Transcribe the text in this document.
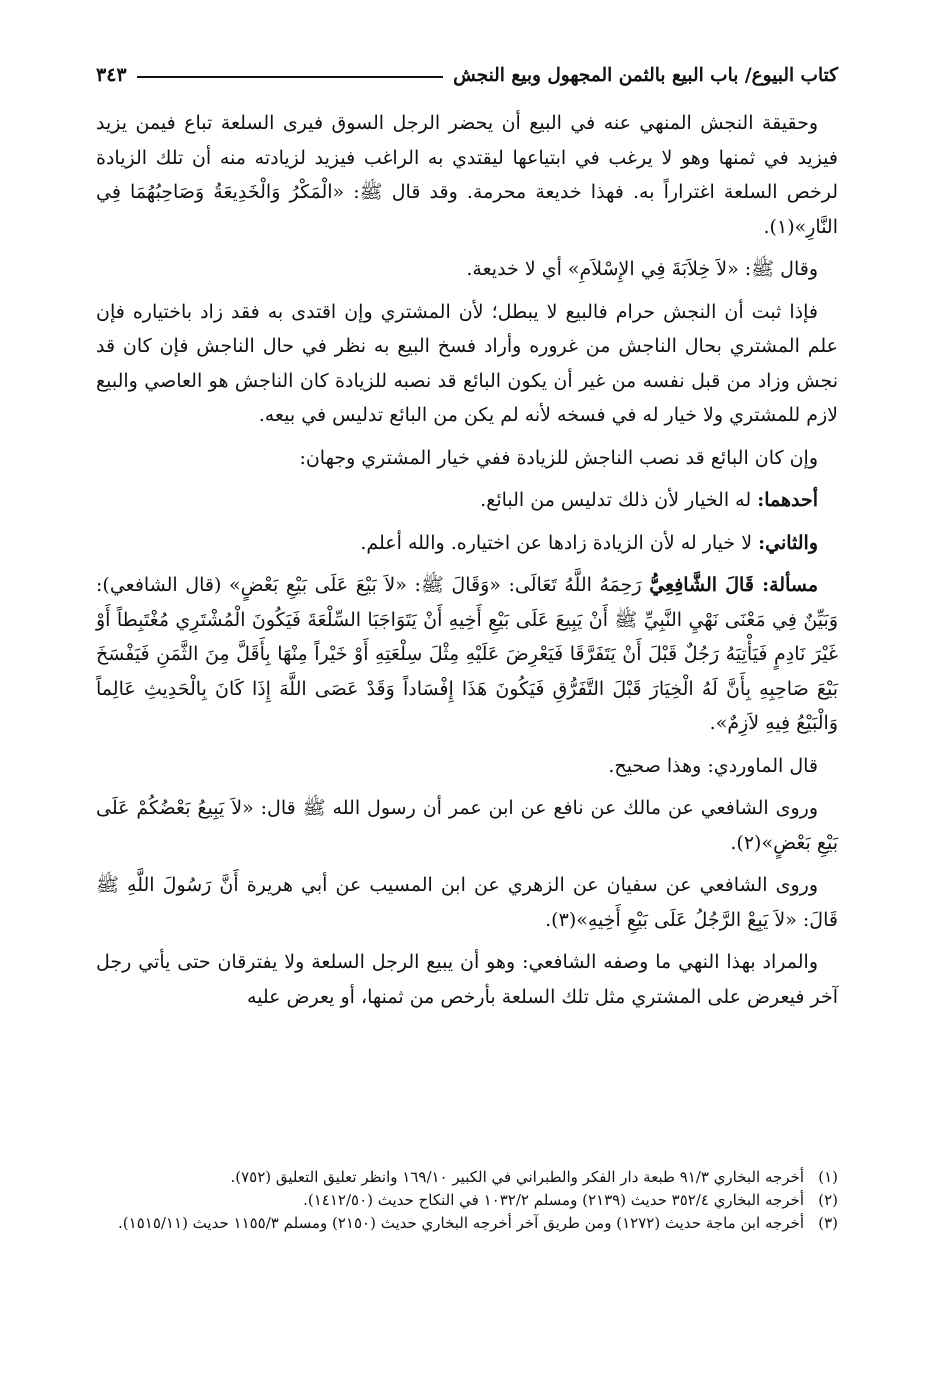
كتاب البيوع/ باب البيع بالثمن المجهول وبيع النجش
٣٤٣

وحقيقة النجش المنهي عنه في البيع أن يحضر الرجل السوق فيرى السلعة تباع فيمن يزيد فيزيد في ثمنها وهو لا يرغب في ابتياعها ليقتدي به الراغب فيزيد لزيادته منه أن تلك الزيادة لرخص السلعة اغتراراً به. فهذا خديعة محرمة. وقد قال ﷺ: «الْمَكْرُ وَالْخَدِيعَةُ وَصَاحِبُهُمَا فِي النَّارِ»(١).

وقال ﷺ: «لاَ خِلاَبَةَ فِي الإِسْلاَمِ» أي لا خديعة.

فإذا ثبت أن النجش حرام فالبيع لا يبطل؛ لأن المشتري وإن اقتدى به فقد زاد باختياره فإن علم المشتري بحال الناجش من غروره وأراد فسخ البيع به نظر في حال الناجش فإن كان قد نجش وزاد من قبل نفسه من غير أن يكون البائع قد نصبه للزيادة كان الناجش هو العاصي والبيع لازم للمشتري ولا خيار له في فسخه لأنه لم يكن من البائع تدليس في بيعه.

وإن كان البائع قد نصب الناجش للزيادة ففي خيار المشتري وجهان:

أحدهما: له الخيار لأن ذلك تدليس من البائع.

والثاني: لا خيار له لأن الزيادة زادها عن اختياره. والله أعلم.

مسألة: قَالَ الشَّافِعِيُّ رَحِمَهُ اللَّهُ تَعَالَى: «وَقَالَ ﷺ: «لاَ بَيْعَ عَلَى بَيْعِ بَعْضٍ» (قال الشافعي): وَبَيِّنٌ فِي مَعْنَى نَهْيِ النَّبِيِّ ﷺ أَنْ يَبِيعَ عَلَى بَيْعِ أَخِيهِ أَنْ يَتَوَاجَبَا السِّلْعَةَ فَيَكُونَ الْمُشْتَرِي مُغْتَبِطاً أَوْ غَيْرَ نَادِمٍ فَيَأْتِيَهُ رَجُلٌ قَبْلَ أَنْ يَتَفَرَّقَا فَيَعْرِضَ عَلَيْهِ مِثْلَ سِلْعَتِهِ أَوْ خَيْراً مِنْهَا بِأَقَلَّ مِنَ الثَّمَنِ فَيَفْسَخَ بَيْعَ صَاحِبِهِ بِأَنَّ لَهُ الْخِيَارَ قَبْلَ التَّفَرُّقِ فَيَكُونَ هَذَا إِفْسَاداً وَقَدْ عَصَى اللَّهَ إِذَا كَانَ بِالْحَدِيثِ عَالِماً وَالْبَيْعُ فِيهِ لاَزِمٌ».

قال الماوردي: وهذا صحيح.

وروى الشافعي عن مالك عن نافع عن ابن عمر أن رسول الله ﷺ قال: «لاَ يَبِيعُ بَعْضُكُمْ عَلَى بَيْعِ بَعْضٍ»(٢).

وروى الشافعي عن سفيان عن الزهري عن ابن المسيب عن أبي هريرة أَنَّ رَسُولَ اللَّهِ ﷺ قَالَ: «لاَ يَبِعْ الرَّجُلُ عَلَى بَيْعِ أَخِيهِ»(٣).

والمراد بهذا النهي ما وصفه الشافعي: وهو أن يبيع الرجل السلعة ولا يفترقان حتى يأتي رجل آخر فيعرض على المشتري مثل تلك السلعة بأرخص من ثمنها، أو يعرض عليه

(١)
أخرجه البخاري ٩١/٣ طبعة دار الفكر والطبراني في الكبير ١٦٩/١٠ وانظر تعليق التعليق (٧٥٢).
(٢)
أخرجه البخاري ٣٥٢/٤ حديث (٢١٣٩) ومسلم ١٠٣٢/٢ في النكاح حديث (١٤١٢/٥٠).
(٣)
أخرجه ابن ماجة حديث (١٢٧٢) ومن طريق آخر أخرجه البخاري حديث (٢١٥٠) ومسلم ١١٥٥/٣ حديث (١٥١٥/١١).
